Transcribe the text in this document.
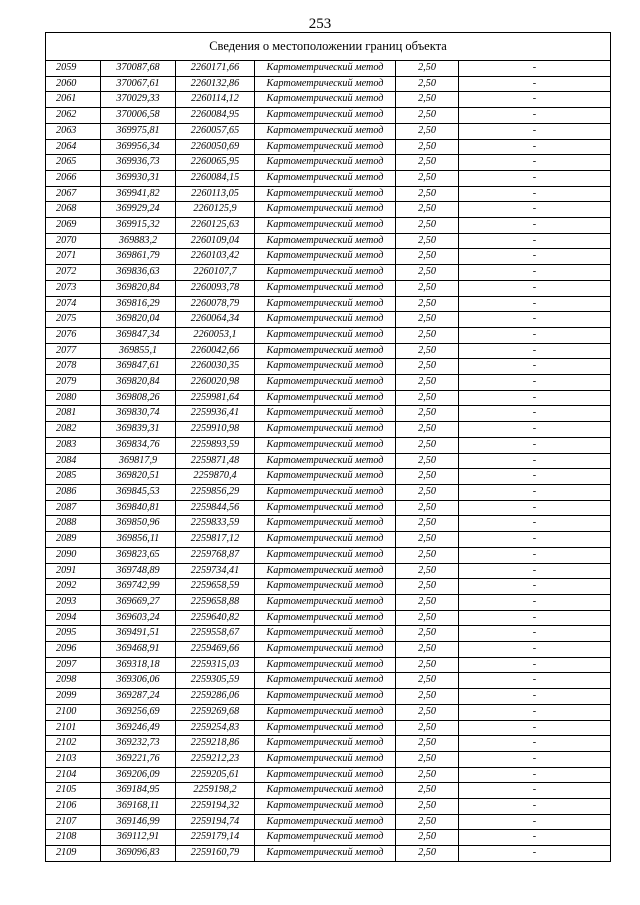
253
Сведения о местоположении границ объекта
2059	370087,68	2260171,66	Картометрический метод	2,50	-
2060	370067,61	2260132,86	Картометрический метод	2,50	-
2061	370029,33	2260114,12	Картометрический метод	2,50	-
2062	370006,58	2260084,95	Картометрический метод	2,50	-
2063	369975,81	2260057,65	Картометрический метод	2,50	-
2064	369956,34	2260050,69	Картометрический метод	2,50	-
2065	369936,73	2260065,95	Картометрический метод	2,50	-
2066	369930,31	2260084,15	Картометрический метод	2,50	-
2067	369941,82	2260113,05	Картометрический метод	2,50	-
2068	369929,24	2260125,9	Картометрический метод	2,50	-
2069	369915,32	2260125,63	Картометрический метод	2,50	-
2070	369883,2	2260109,04	Картометрический метод	2,50	-
2071	369861,79	2260103,42	Картометрический метод	2,50	-
2072	369836,63	2260107,7	Картометрический метод	2,50	-
2073	369820,84	2260093,78	Картометрический метод	2,50	-
2074	369816,29	2260078,79	Картометрический метод	2,50	-
2075	369820,04	2260064,34	Картометрический метод	2,50	-
2076	369847,34	2260053,1	Картометрический метод	2,50	-
2077	369855,1	2260042,66	Картометрический метод	2,50	-
2078	369847,61	2260030,35	Картометрический метод	2,50	-
2079	369820,84	2260020,98	Картометрический метод	2,50	-
2080	369808,26	2259981,64	Картометрический метод	2,50	-
2081	369830,74	2259936,41	Картометрический метод	2,50	-
2082	369839,31	2259910,98	Картометрический метод	2,50	-
2083	369834,76	2259893,59	Картометрический метод	2,50	-
2084	369817,9	2259871,48	Картометрический метод	2,50	-
2085	369820,51	2259870,4	Картометрический метод	2,50	-
2086	369845,53	2259856,29	Картометрический метод	2,50	-
2087	369840,81	2259844,56	Картометрический метод	2,50	-
2088	369850,96	2259833,59	Картометрический метод	2,50	-
2089	369856,11	2259817,12	Картометрический метод	2,50	-
2090	369823,65	2259768,87	Картометрический метод	2,50	-
2091	369748,89	2259734,41	Картометрический метод	2,50	-
2092	369742,99	2259658,59	Картометрический метод	2,50	-
2093	369669,27	2259658,88	Картометрический метод	2,50	-
2094	369603,24	2259640,82	Картометрический метод	2,50	-
2095	369491,51	2259558,67	Картометрический метод	2,50	-
2096	369468,91	2259469,66	Картометрический метод	2,50	-
2097	369318,18	2259315,03	Картометрический метод	2,50	-
2098	369306,06	2259305,59	Картометрический метод	2,50	-
2099	369287,24	2259286,06	Картометрический метод	2,50	-
2100	369256,69	2259269,68	Картометрический метод	2,50	-
2101	369246,49	2259254,83	Картометрический метод	2,50	-
2102	369232,73	2259218,86	Картометрический метод	2,50	-
2103	369221,76	2259212,23	Картометрический метод	2,50	-
2104	369206,09	2259205,61	Картометрический метод	2,50	-
2105	369184,95	2259198,2	Картометрический метод	2,50	-
2106	369168,11	2259194,32	Картометрический метод	2,50	-
2107	369146,99	2259194,74	Картометрический метод	2,50	-
2108	369112,91	2259179,14	Картометрический метод	2,50	-
2109	369096,83	2259160,79	Картометрический метод	2,50	-
